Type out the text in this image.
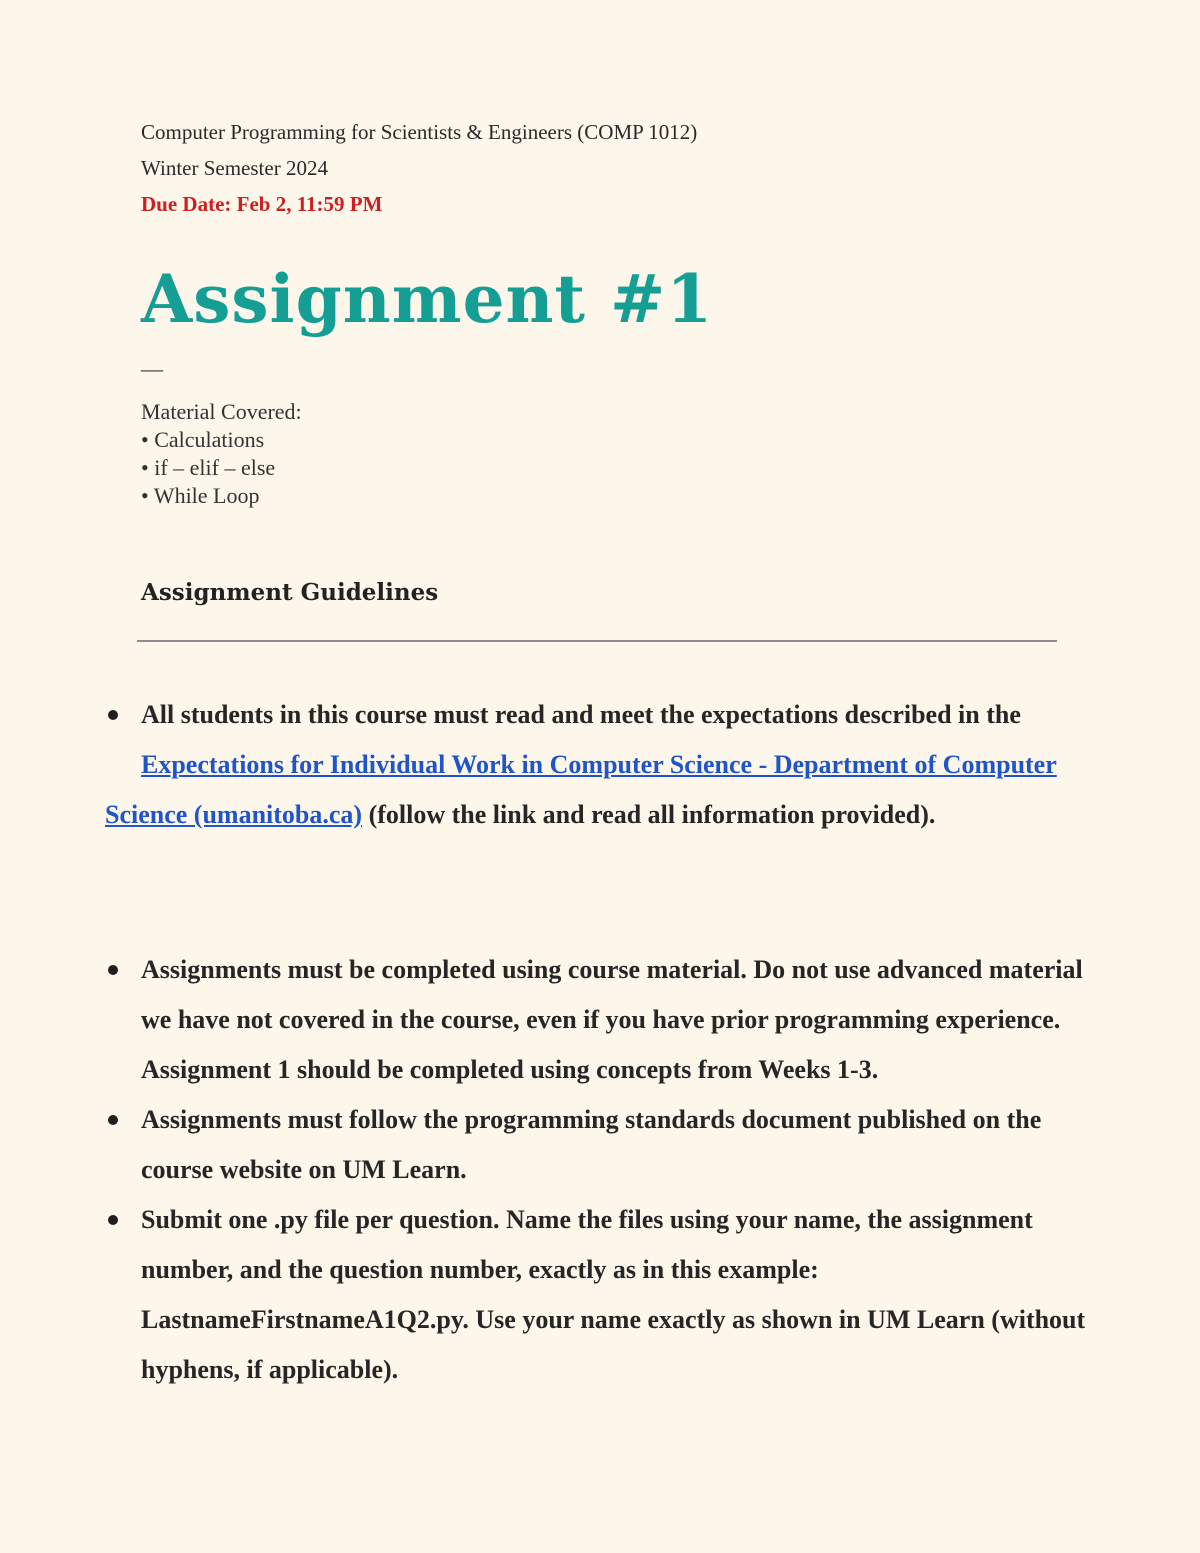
Computer Programming for Scientists & Engineers (COMP 1012)
Winter Semester 2024
Due Date: Feb 2, 11:59 PM
Assignment #1
—
Material Covered:
• Calculations
• if – elif – else
• While Loop
Assignment Guidelines
All students in this course must read and meet the expectations described in the Expectations for Individual Work in Computer Science - Department of Computer
Science (umanitoba.ca) (follow the link and read all information provided).
Assignments must be completed using course material. Do not use advanced material we have not covered in the course, even if you have prior programming experience. Assignment 1 should be completed using concepts from Weeks 1-3.
Assignments must follow the programming standards document published on the course website on UM Learn.
Submit one .py file per question. Name the files using your name, the assignment number, and the question number, exactly as in this example: LastnameFirstnameA1Q2.py. Use your name exactly as shown in UM Learn (without hyphens, if applicable).
